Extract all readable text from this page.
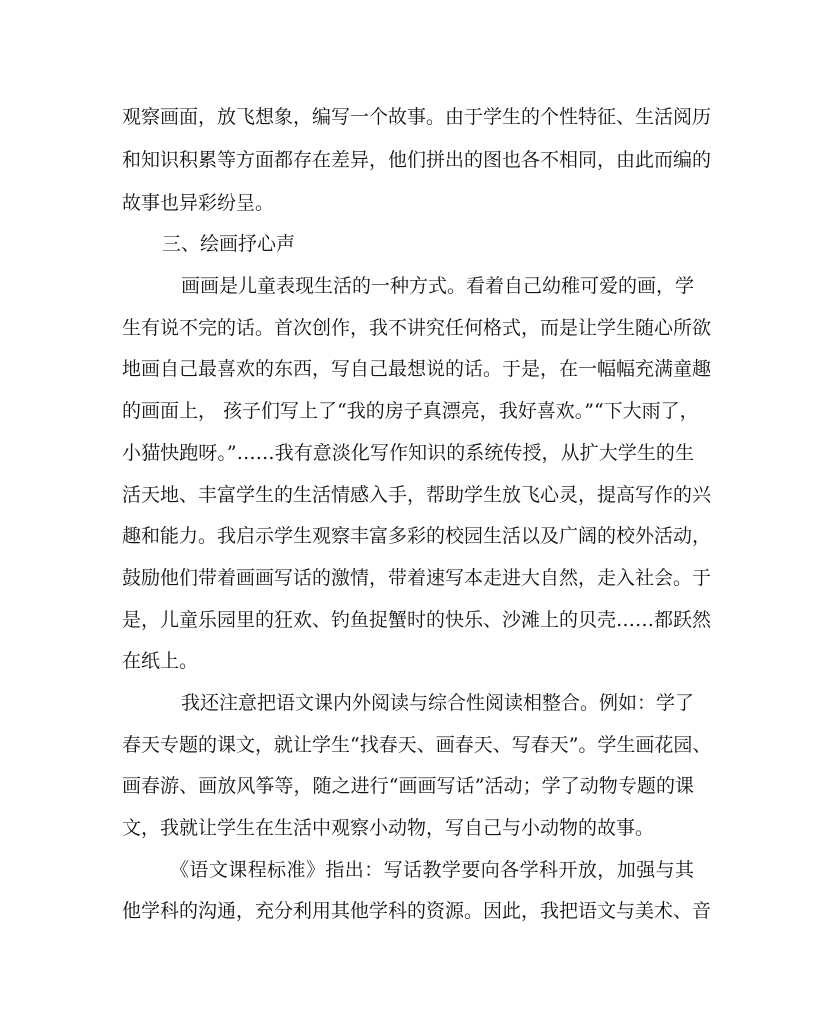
观察画面，放飞想象，编写一个故事。由于学生的个性特征、生活阅历
和知识积累等方面都存在差异，他们拼出的图也各不相同，由此而编的
故事也异彩纷呈。
三、绘画抒心声
画画是儿童表现生活的一种方式。看着自己幼稚可爱的画，学
生有说不完的话。首次创作，我不讲究任何格式，而是让学生随心所欲
地画自己最喜欢的东西，写自己最想说的话。于是，在一幅幅充满童趣
的画面上， 孩子们写上了“我的房子真漂亮，我好喜欢。”“下大雨了，
小猫快跑呀。”……我有意淡化写作知识的系统传授，从扩大学生的生
活天地、丰富学生的生活情感入手，帮助学生放飞心灵，提高写作的兴
趣和能力。我启示学生观察丰富多彩的校园生活以及广阔的校外活动，
鼓励他们带着画画写话的激情，带着速写本走进大自然，走入社会。于
是，儿童乐园里的狂欢、钓鱼捉蟹时的快乐、沙滩上的贝壳……都跃然
在纸上。
我还注意把语文课内外阅读与综合性阅读相整合。例如：学了
春天专题的课文，就让学生“找春天、画春天、写春天”。学生画花园、
画春游、画放风筝等，随之进行“画画写话”活动；学了动物专题的课
文，我就让学生在生活中观察小动物，写自己与小动物的故事。
《语文课程标准》指出：写话教学要向各学科开放，加强与其
他学科的沟通，充分利用其他学科的资源。因此，我把语文与美术、音
